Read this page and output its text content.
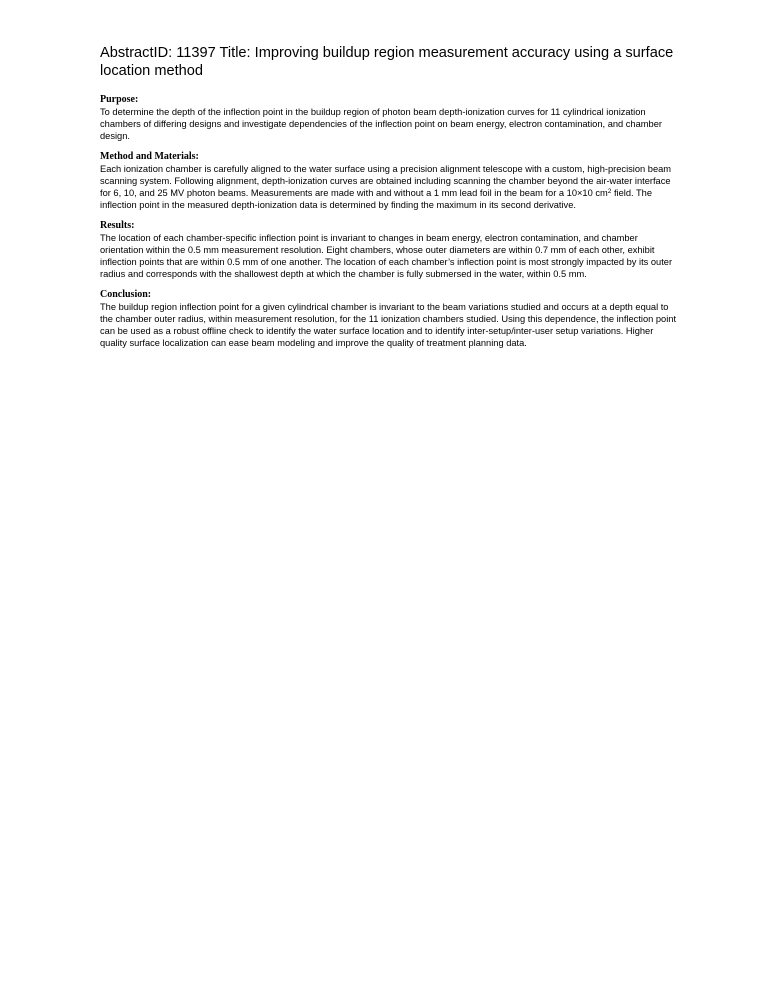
AbstractID: 11397 Title: Improving buildup region measurement accuracy using a surface location method

Purpose:

To determine the depth of the inflection point in the buildup region of photon beam depth-ionization curves for 11 cylindrical ionization chambers of differing designs and investigate dependencies of the inflection point on beam energy, electron contamination, and chamber design.

Method and Materials:

Each ionization chamber is carefully aligned to the water surface using a precision alignment telescope with a custom, high-precision beam scanning system. Following alignment, depth-ionization curves are obtained including scanning the chamber beyond the air-water interface for 6, 10, and 25 MV photon beams. Measurements are made with and without a 1 mm lead foil in the beam for a 10×10 $cm^2$ field. The inflection point in the measured depth-ionization data is determined by finding the maximum in its second derivative.

Results:

The location of each chamber-specific inflection point is invariant to changes in beam energy, electron contamination, and chamber orientation within the 0.5 mm measurement resolution. Eight chambers, whose outer diameters are within 0.7 mm of each other, exhibit inflection points that are within 0.5 mm of one another. The location of each chamber’s inflection point is most strongly impacted by its outer radius and corresponds with the shallowest depth at which the chamber is fully submersed in the water, within 0.5 mm.

Conclusion:

The buildup region inflection point for a given cylindrical chamber is invariant to the beam variations studied and occurs at a depth equal to the chamber outer radius, within measurement resolution, for the 11 ionization chambers studied. Using this dependence, the inflection point can be used as a robust offline check to identify the water surface location and to identify inter-setup/inter-user setup variations. Higher quality surface localization can ease beam modeling and improve the quality of treatment planning data.
